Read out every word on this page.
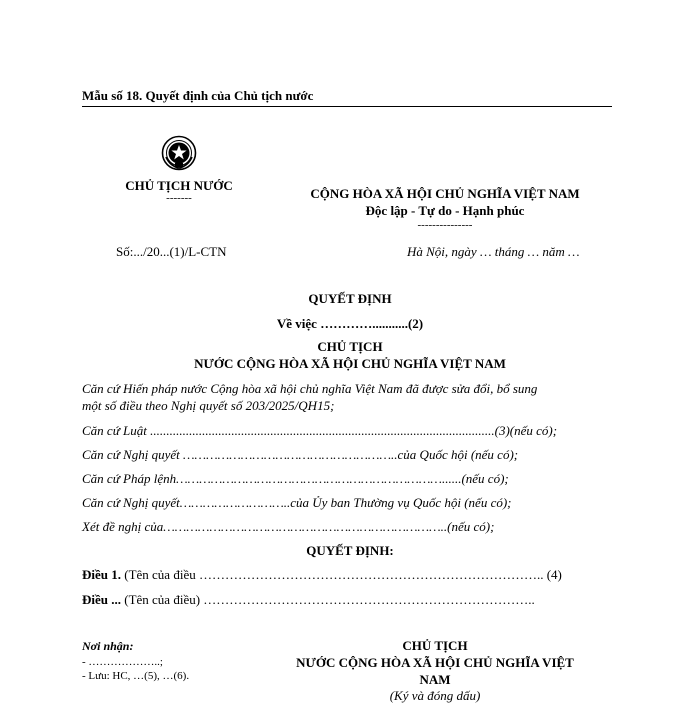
Mẫu số 18. Quyết định của Chủ tịch nước
CHỦ TỊCH NƯỚC
-------	CỘNG HÒA XÃ HỘI CHỦ NGHĨA VIỆT NAM
Độc lập - Tự do - Hạnh phúc
---------------
Số:.../20...(1)/L-CTN	Hà Nội, ngày … tháng … năm …
QUYẾT ĐỊNH
Về việc …………...........(2)
CHỦ TỊCH
NƯỚC CỘNG HÒA XÃ HỘI CHỦ NGHĨA VIỆT NAM
Căn cứ Hiến pháp nước Cộng hòa xã hội chủ nghĩa Việt Nam đã được sửa đổi, bổ sung
một số điều theo Nghị quyết số 203/2025/QH15;
Căn cứ Luật ..........................................................................................................(3)(nếu có);
Căn cứ Nghị quyết ………………………………………………..của Quốc hội (nếu có);
Căn cứ Pháp lệnh……………………………………………………………......(nếu có);
Căn cứ Nghị quyết………………………..của Ủy ban Thường vụ Quốc hội (nếu có);
Xét đề nghị của………………………………………………………………..(nếu có);
QUYẾT ĐỊNH:
Điều 1. (Tên của điều …………………………………………………………………….. (4)
Điều ... (Tên của điều) …………………………………………………………………..
Nơi nhận:
- ………………..;
- Lưu: HC, …(5), …(6).
CHỦ TỊCH
NƯỚC CỘNG HÒA XÃ HỘI CHỦ NGHĨA VIỆT
NAM
(Ký và đóng dấu)
